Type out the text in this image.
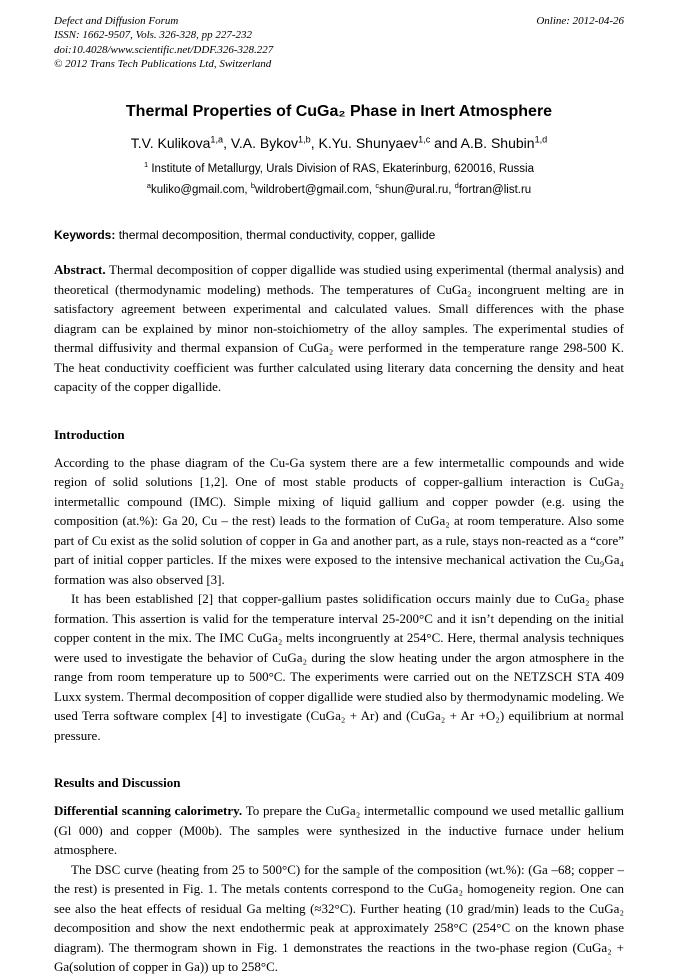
Defect and Diffusion Forum
ISSN: 1662-9507, Vols. 326-328, pp 227-232
doi:10.4028/www.scientific.net/DDF.326-328.227
© 2012 Trans Tech Publications Ltd, Switzerland
Online: 2012-04-26
Thermal Properties of CuGa₂ Phase in Inert Atmosphere
T.V. Kulikova$^{1,a}$, V.A. Bykov$^{1,b}$, K.Yu. Shunyaev$^{1,c}$ and A.B. Shubin$^{1,d}$
$^1$ Institute of Metallurgy, Urals Division of RAS, Ekaterinburg, 620016, Russia
$^a$kuliko@gmail.com, $^b$wildrobert@gmail.com, $^c$shun@ural.ru, $^d$fortran@list.ru

Keywords: thermal decomposition, thermal conductivity, copper, gallide

Abstract. Thermal decomposition of copper digallide was studied using experimental (thermal analysis) and theoretical (thermodynamic modeling) methods. The temperatures of CuGa₂ incongruent melting are in satisfactory agreement between experimental and calculated values. Small differences with the phase diagram can be explained by minor non-stoichiometry of the alloy samples. The experimental studies of thermal diffusivity and thermal expansion of CuGa₂ were performed in the temperature range 298-500 K. The heat conductivity coefficient was further calculated using literary data concerning the density and heat capacity of the copper digallide.

Introduction

According to the phase diagram of the Cu-Ga system there are a few intermetallic compounds and wide region of solid solutions [1,2]. One of most stable products of copper-gallium interaction is CuGa₂ intermetallic compound (IMC). Simple mixing of liquid gallium and copper powder (e.g. using the composition (at.%): Ga 20, Cu – the rest) leads to the formation of CuGa₂ at room temperature. Also some part of Cu exist as the solid solution of copper in Ga and another part, as a rule, stays non-reacted as a “core” part of initial copper particles. If the mixes were exposed to the intensive mechanical activation the Cu₉Ga₄ formation was also observed [3].

It has been established [2] that copper-gallium pastes solidification occurs mainly due to CuGa₂ phase formation. This assertion is valid for the temperature interval 25-200°C and it isn’t depending on the initial copper content in the mix. The IMC CuGa₂ melts incongruently at 254°C. Here, thermal analysis techniques were used to investigate the behavior of CuGa₂ during the slow heating under the argon atmosphere in the range from room temperature up to 500°C. The experiments were carried out on the NETZSCH STA 409 Luxx system. Thermal decomposition of copper digallide were studied also by thermodynamic modeling. We used Terra software complex [4] to investigate (CuGa₂ + Ar) and (CuGa₂ + Ar +O₂) equilibrium at normal pressure.

Results and Discussion

Differential scanning calorimetry. To prepare the CuGa₂ intermetallic compound we used metallic gallium (Gl 000) and copper (M00b). The samples were synthesized in the inductive furnace under helium atmosphere.

The DSC curve (heating from 25 to 500°C) for the sample of the composition (wt.%): (Ga –68; copper – the rest) is presented in Fig. 1. The metals contents correspond to the CuGa₂ homogeneity region. One can see also the heat effects of residual Ga melting (≈32°C). Further heating (10 grad/min) leads to the CuGa₂ decomposition and show the next endothermic peak at approximately 258°C (254°C on the known phase diagram). The thermogram shown in Fig. 1 demonstrates the reactions in the two-phase region (CuGa₂ + Ga(solution of copper in Ga)) up to 258°C.
